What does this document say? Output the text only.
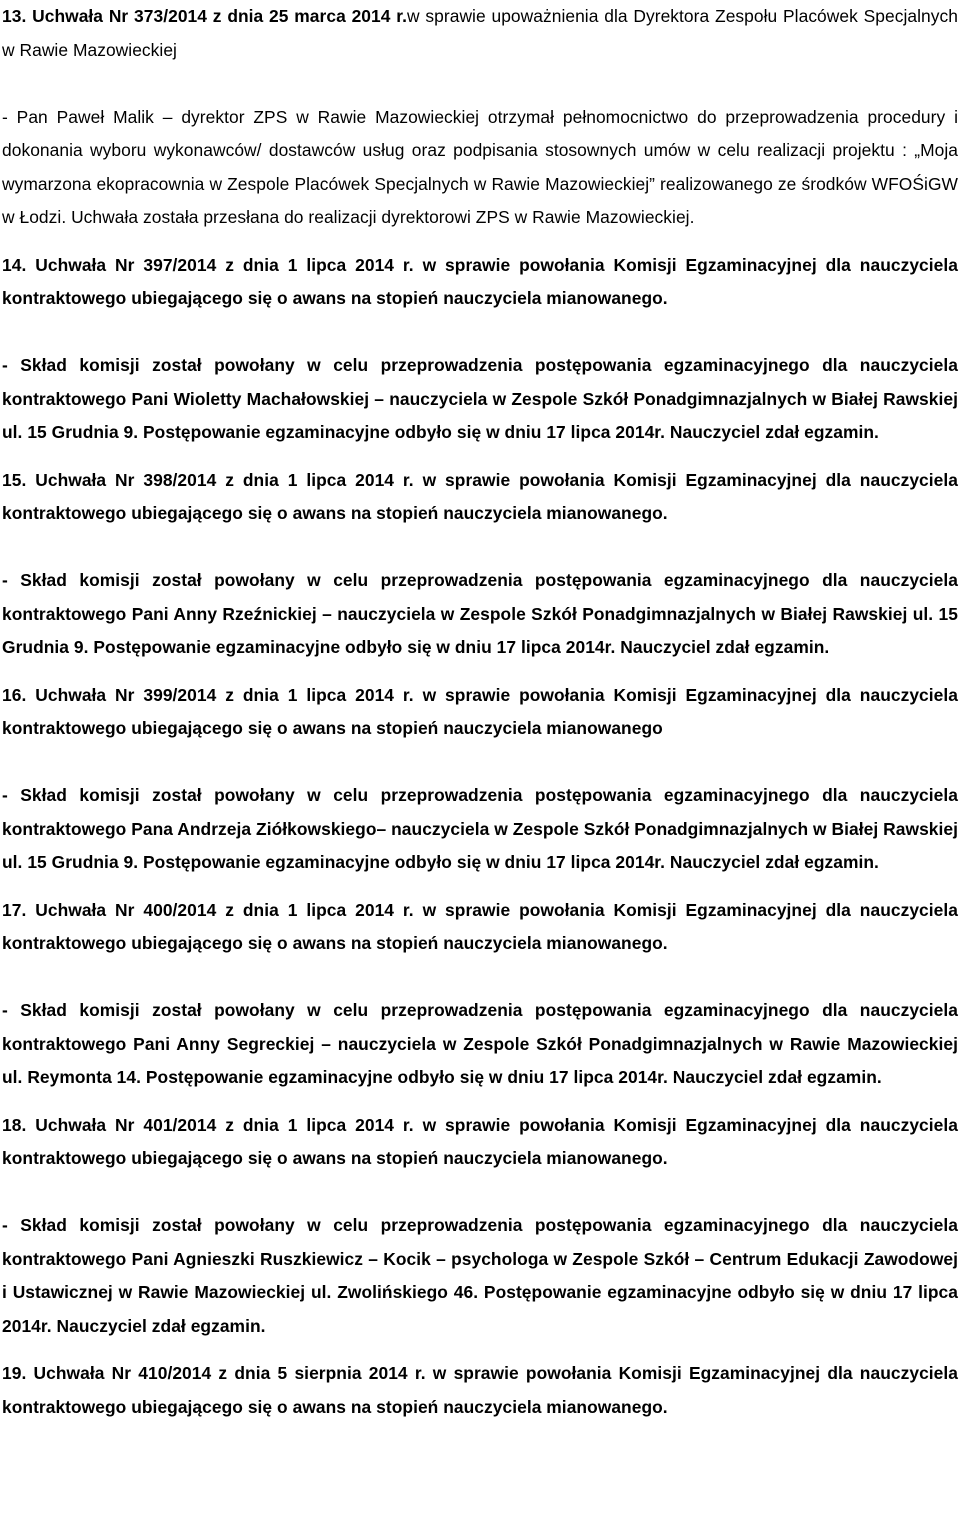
13. Uchwała Nr 373/2014 z dnia 25 marca 2014 r.w sprawie upoważnienia dla Dyrektora Zespołu Placówek Specjalnych w Rawie Mazowieckiej

- Pan Paweł Malik – dyrektor ZPS w Rawie Mazowieckiej otrzymał pełnomocnictwo do przeprowadzenia procedury i dokonania wyboru wykonawców/ dostawców usług oraz podpisania stosownych umów w celu realizacji projektu : „Moja wymarzona ekopracownia w Zespole Placówek Specjalnych w Rawie Mazowieckiej” realizowanego ze środków WFOŚiGW w Łodzi. Uchwała została przesłana do realizacji dyrektorowi ZPS w Rawie Mazowieckiej.

14. Uchwała Nr 397/2014 z dnia 1 lipca 2014 r. w sprawie powołania Komisji Egzaminacyjnej dla nauczyciela kontraktowego ubiegającego się o awans na stopień nauczyciela mianowanego.

- Skład komisji został powołany w celu przeprowadzenia postępowania egzaminacyjnego dla nauczyciela kontraktowego Pani Wioletty Machałowskiej – nauczyciela w Zespole Szkół Ponadgimnazjalnych w Białej Rawskiej ul. 15 Grudnia 9. Postępowanie egzaminacyjne odbyło się w dniu 17 lipca 2014r. Nauczyciel zdał egzamin.

15. Uchwała Nr 398/2014 z dnia 1 lipca 2014 r. w sprawie powołania Komisji Egzaminacyjnej dla nauczyciela kontraktowego ubiegającego się o awans na stopień nauczyciela mianowanego.

- Skład komisji został powołany w celu przeprowadzenia postępowania egzaminacyjnego dla nauczyciela kontraktowego Pani Anny Rzeźnickiej – nauczyciela w Zespole Szkół Ponadgimnazjalnych w Białej Rawskiej ul. 15 Grudnia 9. Postępowanie egzaminacyjne odbyło się w dniu 17 lipca 2014r. Nauczyciel zdał egzamin.

16. Uchwała Nr 399/2014 z dnia 1 lipca 2014 r. w sprawie powołania Komisji Egzaminacyjnej dla nauczyciela kontraktowego ubiegającego się o awans na stopień nauczyciela mianowanego

- Skład komisji został powołany w celu przeprowadzenia postępowania egzaminacyjnego dla nauczyciela kontraktowego Pana Andrzeja Ziółkowskiego– nauczyciela w Zespole Szkół Ponadgimnazjalnych w Białej Rawskiej ul. 15 Grudnia 9. Postępowanie egzaminacyjne odbyło się w dniu 17 lipca 2014r. Nauczyciel zdał egzamin.

17. Uchwała Nr 400/2014 z dnia 1 lipca 2014 r. w sprawie powołania Komisji Egzaminacyjnej dla nauczyciela kontraktowego ubiegającego się o awans na stopień nauczyciela mianowanego.

- Skład komisji został powołany w celu przeprowadzenia postępowania egzaminacyjnego dla nauczyciela kontraktowego Pani Anny Segreckiej – nauczyciela w Zespole Szkół Ponadgimnazjalnych w Rawie Mazowieckiej ul. Reymonta 14. Postępowanie egzaminacyjne odbyło się w dniu 17 lipca 2014r. Nauczyciel zdał egzamin.

18. Uchwała Nr 401/2014 z dnia 1 lipca 2014 r. w sprawie powołania Komisji Egzaminacyjnej dla nauczyciela kontraktowego ubiegającego się o awans na stopień nauczyciela mianowanego.

- Skład komisji został powołany w celu przeprowadzenia postępowania egzaminacyjnego dla nauczyciela kontraktowego Pani Agnieszki Ruszkiewicz – Kocik – psychologa w Zespole Szkół – Centrum Edukacji Zawodowej i Ustawicznej w Rawie Mazowieckiej ul. Zwolińskiego 46. Postępowanie egzaminacyjne odbyło się w dniu 17 lipca 2014r. Nauczyciel zdał egzamin.

19. Uchwała Nr 410/2014 z dnia 5 sierpnia 2014 r. w sprawie powołania Komisji Egzaminacyjnej dla nauczyciela kontraktowego ubiegającego się o awans na stopień nauczyciela mianowanego.
